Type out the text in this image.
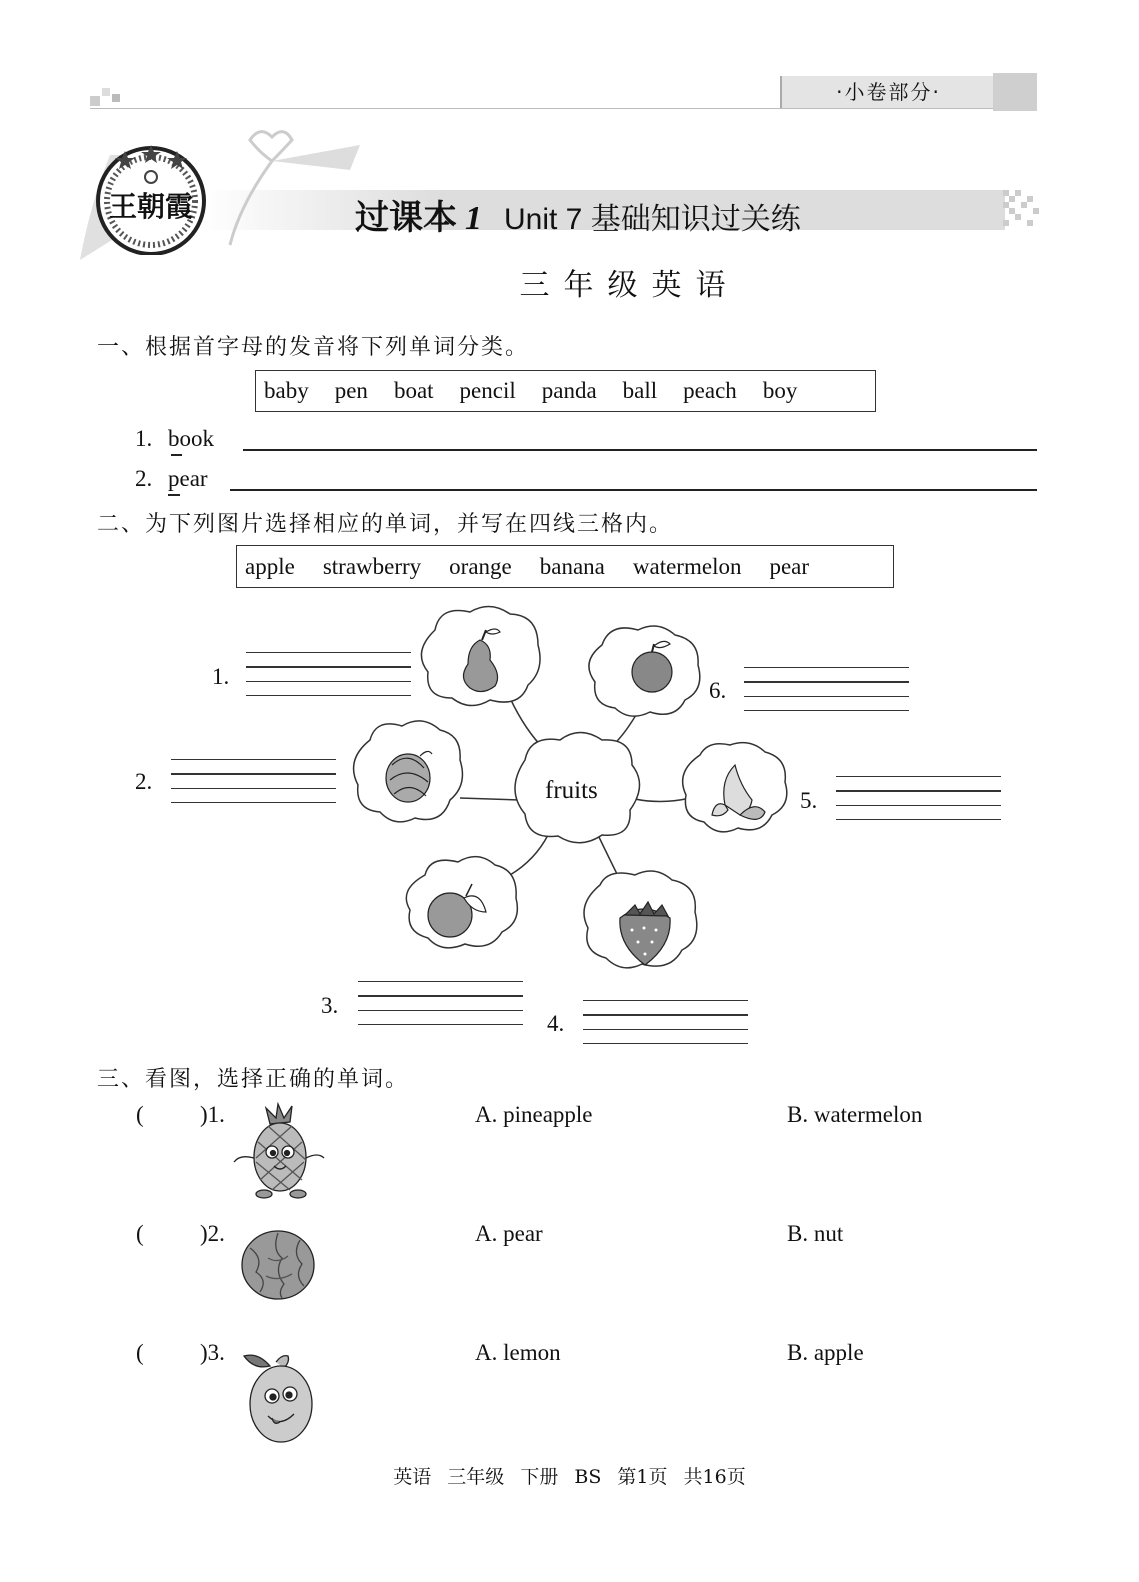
·小卷部分·
王朝霞	过课本 1 Unit 7 基础知识过关练
三年级英语
一、根据首字母的发音将下列单词分类。
baby pen boat pencil panda ball peach boy
1. book
2. pear
二、为下列图片选择相应的单词，并写在四线三格内。
apple strawberry orange banana watermelon pear
fruits
1.
2.
3.
4.
5.
6.
三、看图，选择正确的单词。
( )1.	A. pineapple	B. watermelon
( )2.	A. pear	B. nut
( )3.	A. lemon	B. apple
英语 三年级 下册 BS 第1页 共16页
